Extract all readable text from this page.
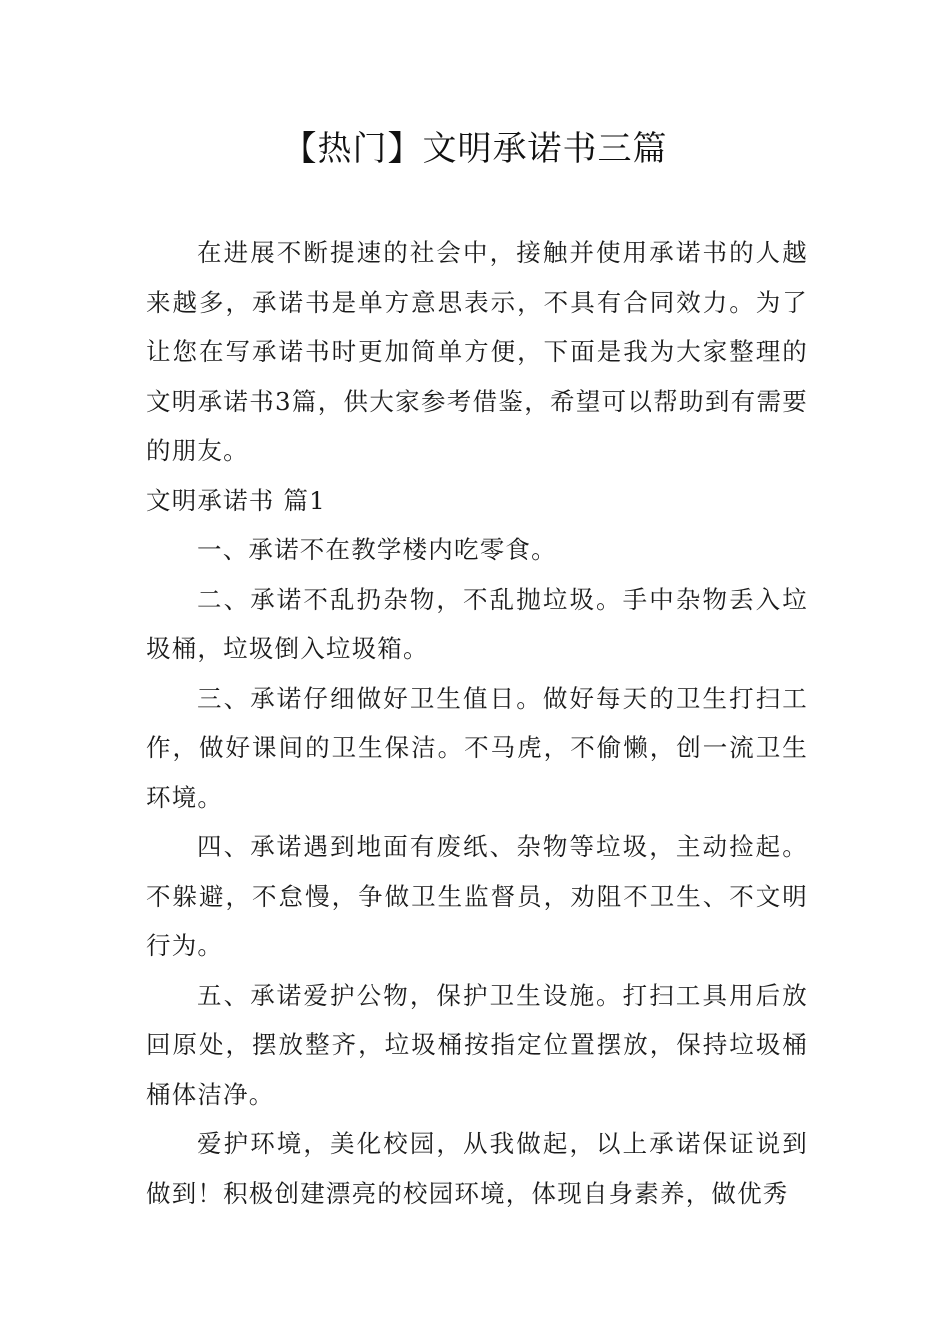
【热门】文明承诺书三篇

在进展不断提速的社会中，接触并使用承诺书的人越来越多，承诺书是单方意思表示，不具有合同效力。为了让您在写承诺书时更加简单方便，下面是我为大家整理的文明承诺书3篇，供大家参考借鉴，希望可以帮助到有需要的朋友。

文明承诺书 篇1

一、承诺不在教学楼内吃零食。

二、承诺不乱扔杂物，不乱抛垃圾。手中杂物丢入垃圾桶，垃圾倒入垃圾箱。

三、承诺仔细做好卫生值日。做好每天的卫生打扫工作，做好课间的卫生保洁。不马虎，不偷懒，创一流卫生环境。

四、承诺遇到地面有废纸、杂物等垃圾，主动捡起。不躲避，不怠慢，争做卫生监督员，劝阻不卫生、不文明行为。

五、承诺爱护公物，保护卫生设施。打扫工具用后放回原处，摆放整齐，垃圾桶按指定位置摆放，保持垃圾桶桶体洁净。

爱护环境，美化校园，从我做起，以上承诺保证说到做到！积极创建漂亮的校园环境，体现自身素养，做优秀
